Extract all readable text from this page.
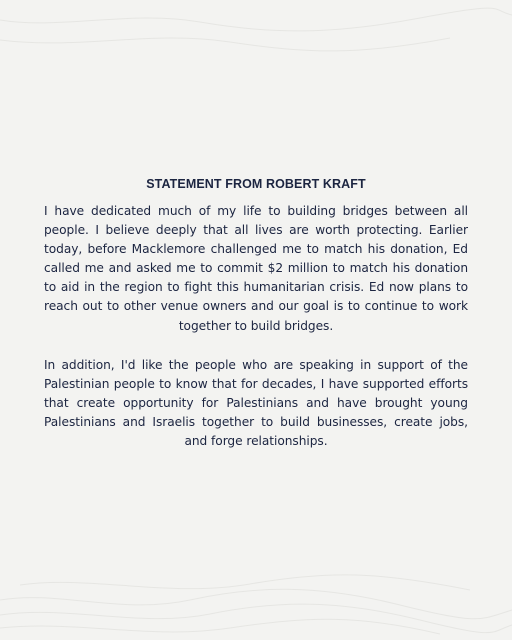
STATEMENT FROM ROBERT KRAFT

I have dedicated much of my life to building bridges between all people. I believe deeply that all lives are worth protecting. Earlier today, before Macklemore challenged me to match his donation, Ed called me and asked me to commit $2 million to match his donation to aid in the region to fight this humanitarian crisis. Ed now plans to reach out to other venue owners and our goal is to continue to work together to build bridges.

In addition, I'd like the people who are speaking in support of the Palestinian people to know that for decades, I have supported efforts that create opportunity for Palestinians and have brought young Palestinians and Israelis together to build businesses, create jobs, and forge relationships.
